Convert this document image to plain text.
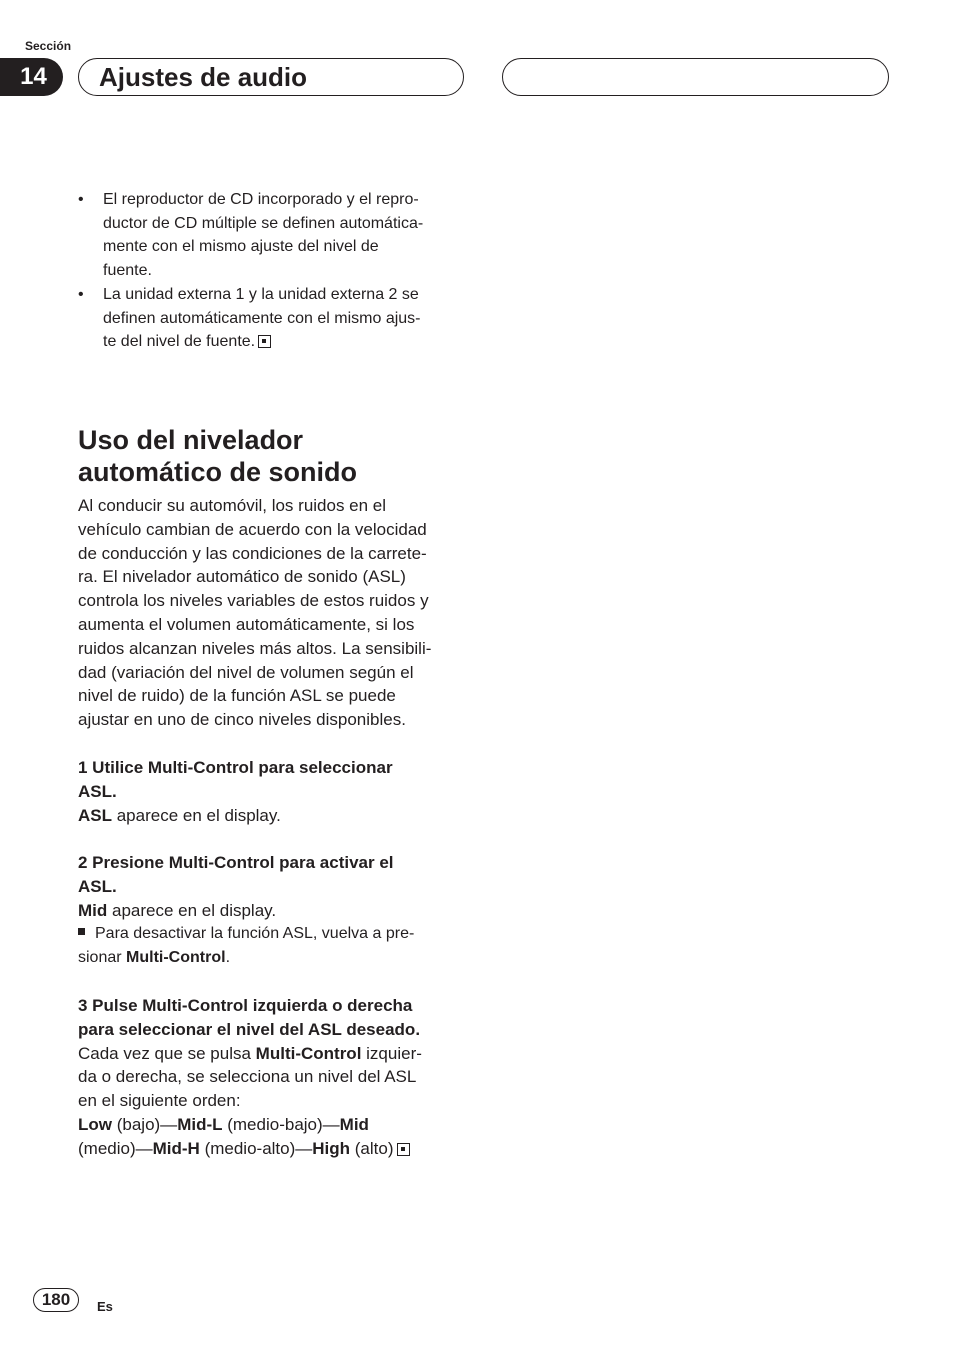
Sección
14	Ajustes de audio
•	El reproductor de CD incorporado y el repro-
ductor de CD múltiple se definen automática-
mente con el mismo ajuste del nivel de
fuente.
•	La unidad externa 1 y la unidad externa 2 se
definen automáticamente con el mismo ajus-
te del nivel de fuente.
Uso del nivelador
automático de sonido
Al conducir su automóvil, los ruidos en el
vehículo cambian de acuerdo con la velocidad
de conducción y las condiciones de la carrete-
ra. El nivelador automático de sonido (ASL)
controla los niveles variables de estos ruidos y
aumenta el volumen automáticamente, si los
ruidos alcanzan niveles más altos. La sensibili-
dad (variación del nivel de volumen según el
nivel de ruido) de la función ASL se puede
ajustar en uno de cinco niveles disponibles.
1 Utilice Multi-Control para seleccionar
ASL.
ASL aparece en el display.
2 Presione Multi-Control para activar el
ASL.
Mid aparece en el display.
Para desactivar la función ASL, vuelva a pre-
sionar Multi-Control.
3 Pulse Multi-Control izquierda o derecha
para seleccionar el nivel del ASL deseado.
Cada vez que se pulsa Multi-Control izquier-
da o derecha, se selecciona un nivel del ASL
en el siguiente orden:
Low (bajo)—Mid-L (medio-bajo)—Mid
(medio)—Mid-H (medio-alto)—High (alto)
180	Es
